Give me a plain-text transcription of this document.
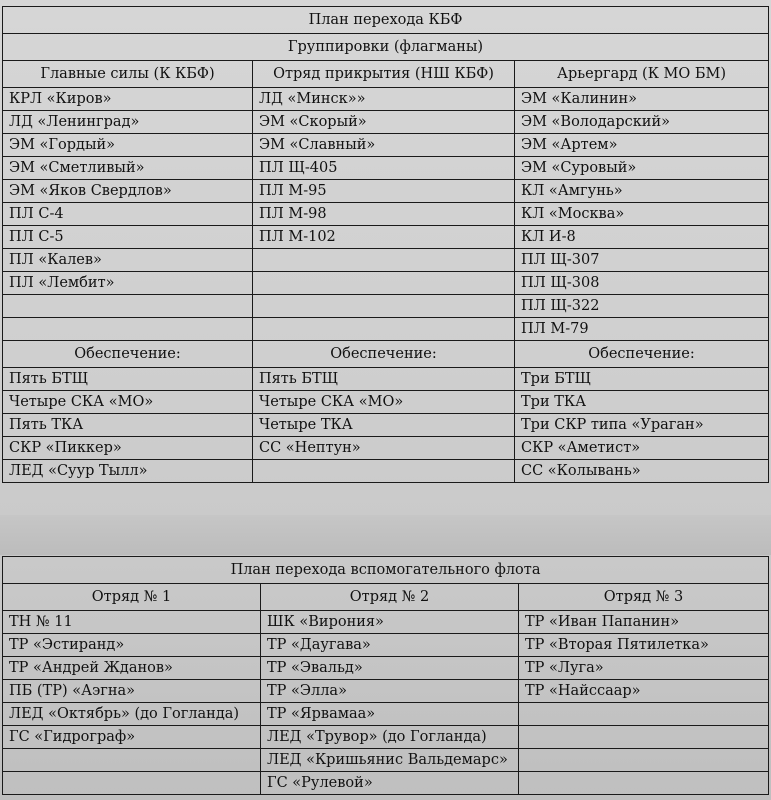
План перехода КБФ		
Группировки (флагманы)		
Главные силы (К КБФ)	Отряд прикрытия (НШ КБФ)	Арьергард (К МО БМ)
КРЛ «Киров»	ЛД «Минск»»	ЭМ «Калинин»
ЛД «Ленинград»	ЭМ «Скорый»	ЭМ «Володарский»
ЭМ «Гордый»	ЭМ «Славный»	ЭМ «Артем»
ЭМ «Сметливый»	ПЛ Щ-405	ЭМ «Суровый»
ЭМ «Яков Свердлов»	ПЛ М-95	КЛ «Амгунь»
ПЛ С-4	ПЛ М-98	КЛ «Москва»
ПЛ С-5	ПЛ М-102	КЛ И-8
ПЛ «Калев»		ПЛ Щ-307
ПЛ «Лембит»		ПЛ Щ-308
		ПЛ Щ-322
		ПЛ М-79
Обеспечение:	Обеспечение:	Обеспечение:
Пять БТЩ	Пять БТЩ	Три БТЩ
Четыре СКА «МО»	Четыре СКА «МО»	Три ТКА
Пять ТКА	Четыре ТКА	Три СКР типа «Ураган»
СКР «Пиккер»	СС «Нептун»	СКР «Аметист»
ЛЕД «Суур Тылл»		СС «Колывань»
План перехода вспомогательного флота		
Отряд № 1	Отряд № 2	Отряд № 3
ТН № 11	ШК «Вирония»	ТР «Иван Папанин»
ТР «Эстиранд»	ТР «Даугава»	ТР «Вторая Пятилетка»
ТР «Андрей Жданов»	ТР «Эвальд»	ТР «Луга»
ПБ (ТР) «Аэгна»	ТР «Элла»	ТР «Найссаар»
ЛЕД «Октябрь» (до Гогланда)	ТР «Ярвамаа»	
ГС «Гидрограф»	ЛЕД «Трувор» (до Гогланда)	
	ЛЕД «Кришьянис Вальдемарс»	
	ГС «Рулевой»	
